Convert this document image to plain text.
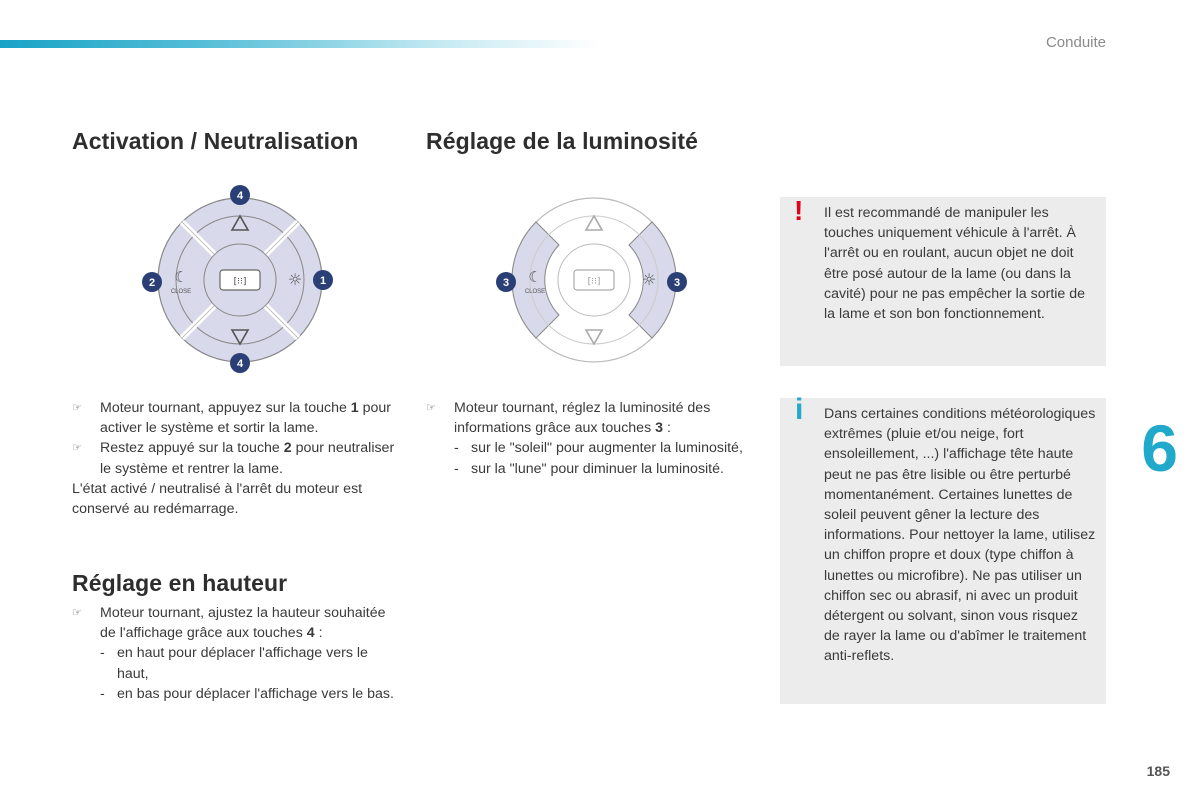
Conduite
Activation / Neutralisation
[⁝⁝]
☾
CLOSE
☼
4
2	1
4
☞ Moteur tournant, appuyez sur la touche 1 pour activer le système et sortir la lame.
☞ Restez appuyé sur la touche 2 pour neutraliser le système et rentrer la lame.
L'état activé / neutralisé à l'arrêt du moteur est conservé au redémarrage.
Réglage en hauteur
☞ Moteur tournant, ajustez la hauteur souhaitée de l'affichage grâce aux touches 4 :
- en haut pour déplacer l'affichage vers le haut,
- en bas pour déplacer l'affichage vers le bas.
Réglage de la luminosité
[⁝⁝]
☾
CLOSE
☼
3	3
☞ Moteur tournant, réglez la luminosité des informations grâce aux touches 3 :
- sur le "soleil" pour augmenter la luminosité,
- sur la "lune" pour diminuer la luminosité.
! Il est recommandé de manipuler les touches uniquement véhicule à l'arrêt. À l'arrêt ou en roulant, aucun objet ne doit être posé autour de la lame (ou dans la cavité) pour ne pas empêcher la sortie de la lame et son bon fonctionnement.
i Dans certaines conditions météorologiques extrêmes (pluie et/ou neige, fort ensoleillement, ...) l'affichage tête haute peut ne pas être lisible ou être perturbé momentanément. Certaines lunettes de soleil peuvent gêner la lecture des informations. Pour nettoyer la lame, utilisez un chiffon propre et doux (type chiffon à lunettes ou microfibre). Ne pas utiliser un chiffon sec ou abrasif, ni avec un produit détergent ou solvant, sinon vous risquez de rayer la lame ou d'abîmer le traitement anti-reflets.
6
185
